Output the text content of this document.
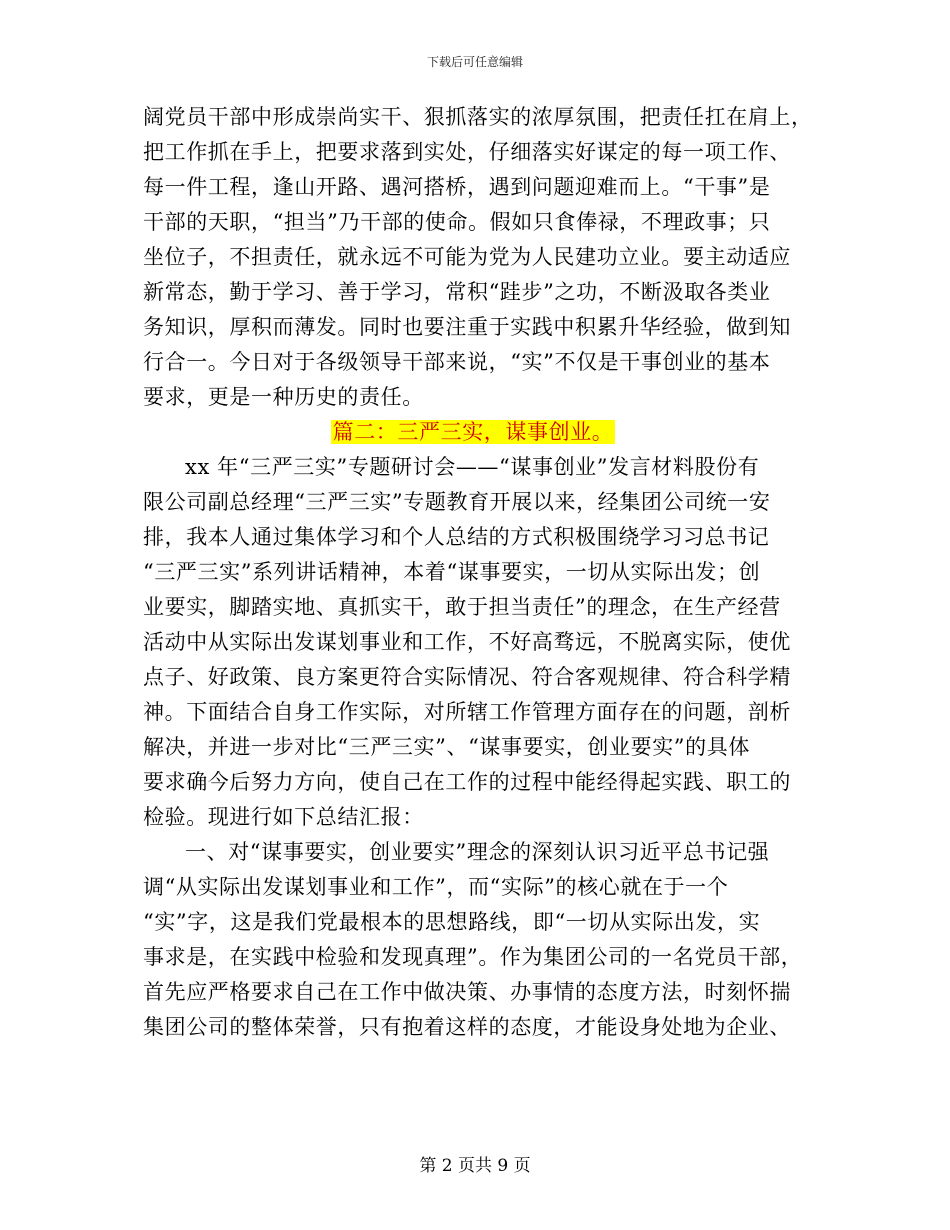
下载后可任意编辑
阔党员干部中形成崇尚实干、狠抓落实的浓厚氛围，把责任扛在肩上，
把工作抓在手上，把要求落到实处，仔细落实好谋定的每一项工作、
每一件工程，逢山开路、遇河搭桥，遇到问题迎难而上。“干事”是
干部的天职，“担当”乃干部的使命。假如只食俸禄，不理政事；只
坐位子，不担责任，就永远不可能为党为人民建功立业。要主动适应
新常态，勤于学习、善于学习，常积“跬步”之功，不断汲取各类业
务知识，厚积而薄发。同时也要注重于实践中积累升华经验，做到知
行合一。今日对于各级领导干部来说，“实”不仅是干事创业的基本
要求，更是一种历史的责任。
篇二：三严三实，谋事创业。
xx 年“三严三实”专题研讨会——“谋事创业”发言材料股份有
限公司副总经理“三严三实”专题教育开展以来，经集团公司统一安
排，我本人通过集体学习和个人总结的方式积极围绕学习习总书记
“三严三实”系列讲话精神，本着“谋事要实，一切从实际出发；创
业要实，脚踏实地、真抓实干，敢于担当责任”的理念，在生产经营
活动中从实际出发谋划事业和工作，不好高骛远，不脱离实际，使优
点子、好政策、良方案更符合实际情况、符合客观规律、符合科学精
神。下面结合自身工作实际，对所辖工作管理方面存在的问题，剖析
解决，并进一步对比“三严三实”、“谋事要实，创业要实”的具体
要求确今后努力方向，使自己在工作的过程中能经得起实践、职工的
检验。现进行如下总结汇报：
一、对“谋事要实，创业要实”理念的深刻认识习近平总书记强
调“从实际出发谋划事业和工作”，而“实际”的核心就在于一个
“实”字，这是我们党最根本的思想路线，即“一切从实际出发，实
事求是，在实践中检验和发现真理”。作为集团公司的一名党员干部，
首先应严格要求自己在工作中做决策、办事情的态度方法，时刻怀揣
集团公司的整体荣誉，只有抱着这样的态度，才能设身处地为企业、
第 2 页共 9 页
